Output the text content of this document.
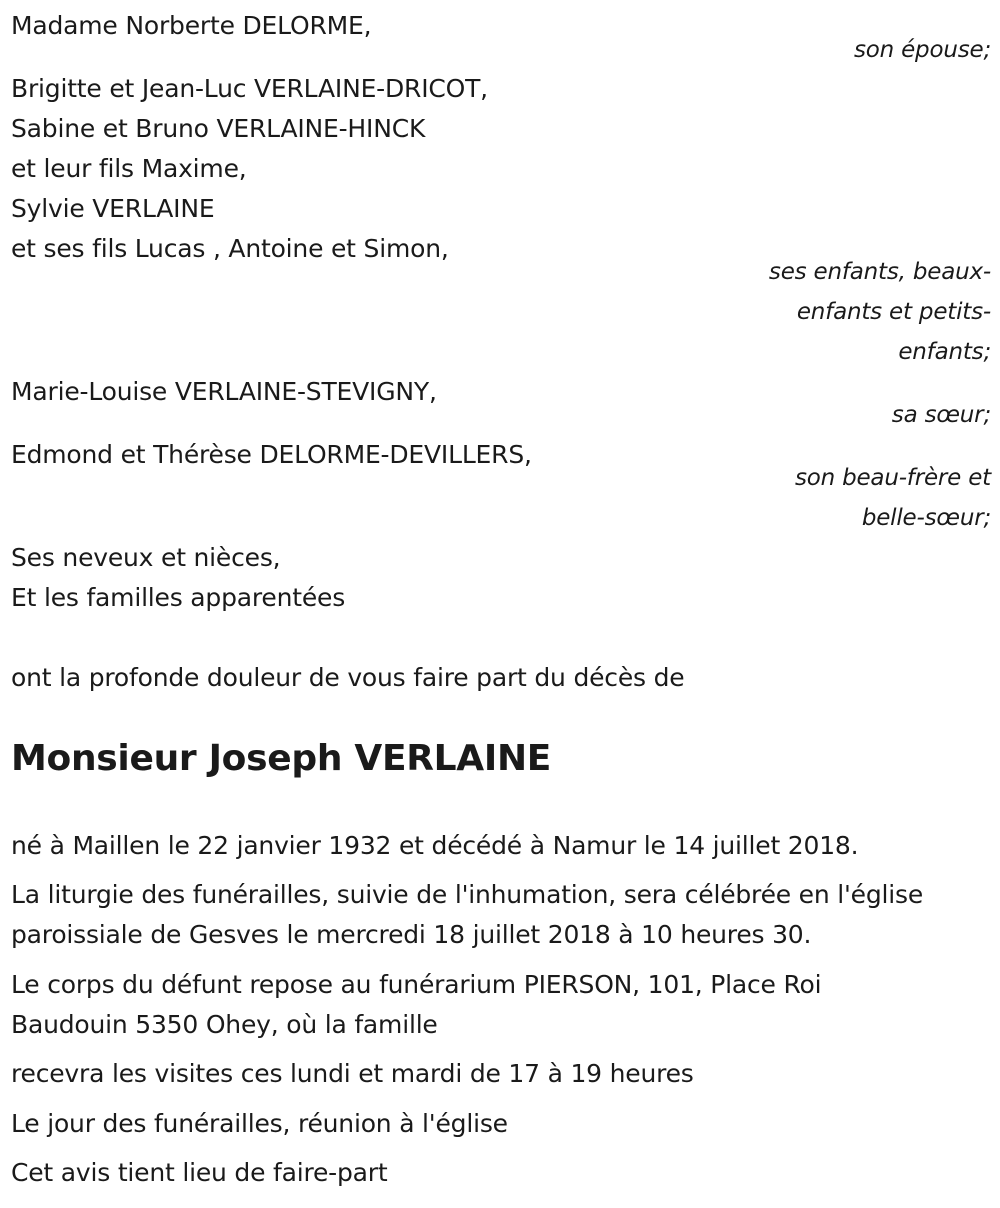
Madame Norberte DELORME,
son épouse;
Brigitte et Jean-Luc VERLAINE-DRICOT,
Sabine et Bruno VERLAINE-HINCK
et leur fils Maxime,
Sylvie VERLAINE
et ses fils Lucas , Antoine et Simon,
ses enfants, beaux-enfants et petits-enfants;
Marie-Louise VERLAINE-STEVIGNY,
sa sœur;
Edmond et Thérèse DELORME-DEVILLERS,
son beau-frère et belle-sœur;
Ses neveux et nièces,
Et les familles apparentées
ont la profonde douleur de vous faire part du décès de
Monsieur Joseph VERLAINE
né à Maillen le 22 janvier 1932 et décédé à Namur le 14 juillet 2018.
La liturgie des funérailles, suivie de l'inhumation, sera célébrée en l'église paroissiale de Gesves le mercredi 18 juillet 2018 à 10 heures 30.
Le corps du défunt repose au funérarium PIERSON, 101, Place Roi Baudouin 5350 Ohey, où la famille
recevra les visites ces lundi et mardi de 17 à 19 heures
Le jour des funérailles, réunion à l'église
Cet avis tient lieu de faire-part
